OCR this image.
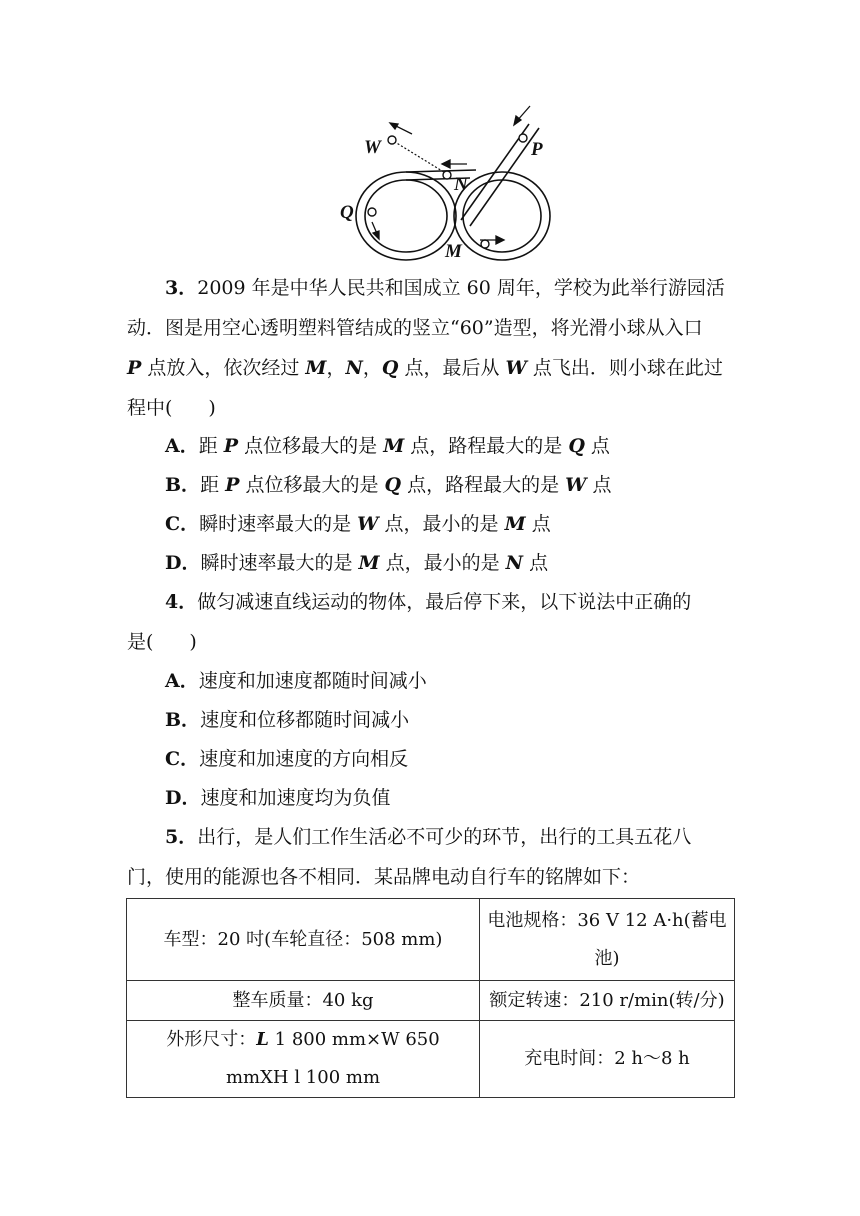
W	P
N
Q
M

3．2009 年是中华人民共和国成立 60 周年，学校为此举行游园活
动．图是用空心透明塑料管结成的竖立“60”造型，将光滑小球从入口
P 点放入，依次经过 M，N，Q 点，最后从 W 点飞出．则小球在此过
程中( )

A．距 P 点位移最大的是 M 点，路程最大的是 Q 点

B．距 P 点位移最大的是 Q 点，路程最大的是 W 点

C．瞬时速率最大的是 W 点，最小的是 M 点

D．瞬时速率最大的是 M 点，最小的是 N 点

4．做匀减速直线运动的物体，最后停下来，以下说法中正确的
是( )

A．速度和加速度都随时间减小

B．速度和位移都随时间减小

C．速度和加速度的方向相反

D．速度和加速度均为负值

5．出行，是人们工作生活必不可少的环节，出行的工具五花八
门，使用的能源也各不相同．某品牌电动自行车的铭牌如下：

车型：20 吋(车轮直径：508 mm)	电池规格：36 V 12 A·h(蓄电
池)
整车质量：40 kg	额定转速：210 r/min(转/分)
外形尺寸：L 1 800 mm×W 650
mmXH l 100 mm	充电时间：2 h～8 h
